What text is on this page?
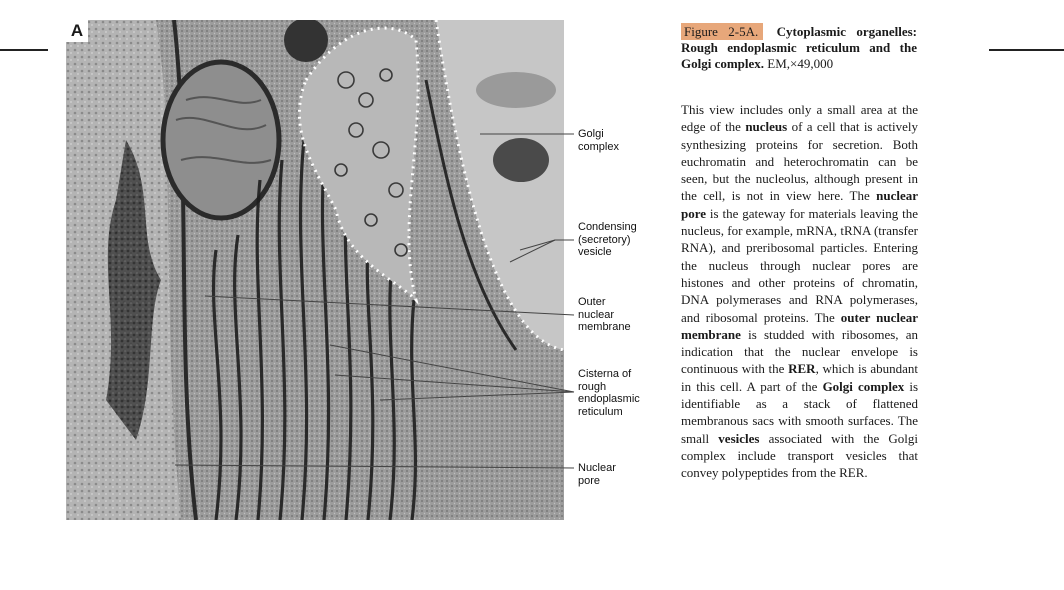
A
Golgi
complex
Condensing
(secretory)
vesicle
Outer
nuclear
membrane
Cisterna of
rough
endoplasmic
reticulum
Nuclear
pore
Figure 2-5A. Cytoplasmic organelles: Rough endoplasmic reticulum and the Golgi complex. EM,×49,000
This view includes only a small area at the edge of the nucleus of a cell that is actively synthesizing proteins for secretion. Both euchromatin and heterochromatin can be seen, but the nucleolus, although present in the cell, is not in view here. The nuclear pore is the gateway for materials leaving the nucleus, for example, mRNA, tRNA (transfer RNA), and preribosomal particles. Entering the nucleus through nuclear pores are histones and other proteins of chromatin, DNA polymerases and RNA polymerases, and ribosomal proteins. The outer nuclear membrane is studded with ribosomes, an indication that the nuclear envelope is continuous with the RER, which is abundant in this cell. A part of the Golgi complex is identifiable as a stack of flattened membranous sacs with smooth surfaces. The small vesicles associated with the Golgi complex include transport vesicles that convey polypeptides from the RER.
